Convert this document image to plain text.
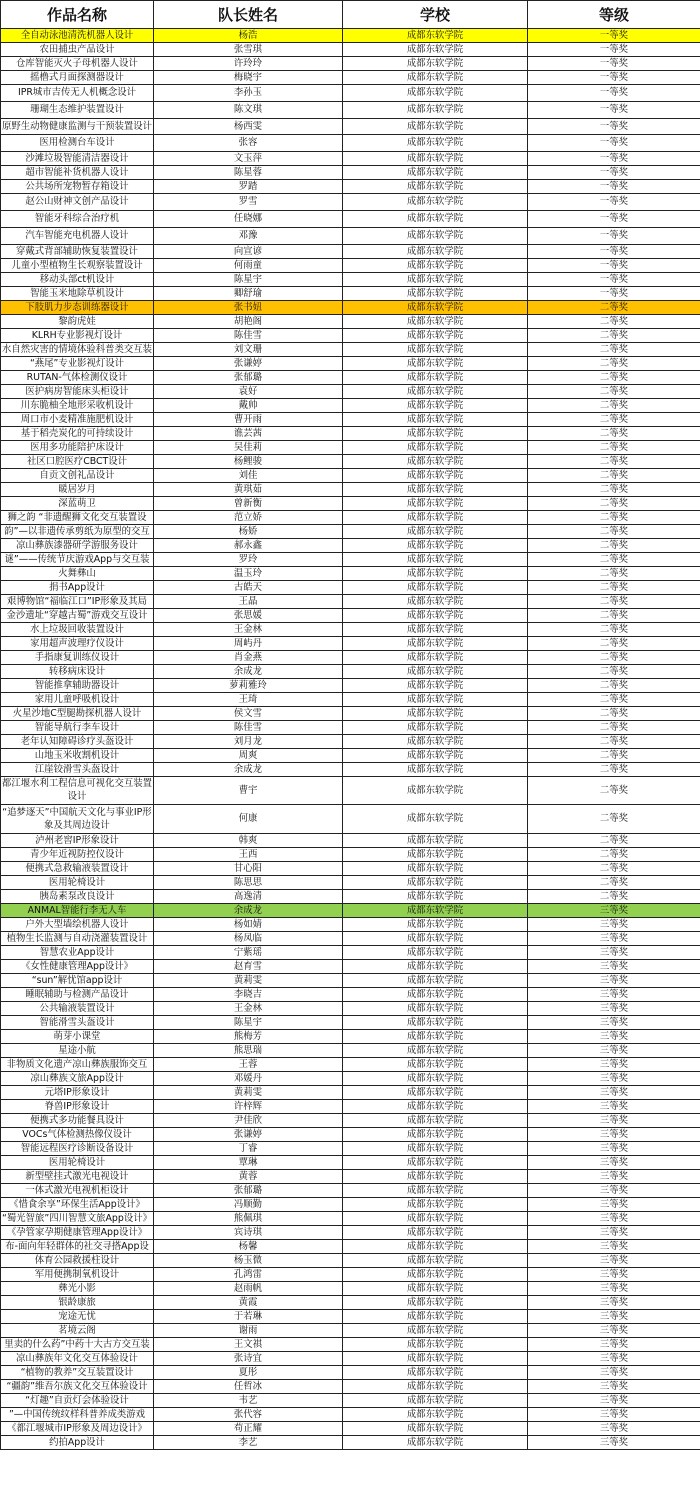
作品名称	队长姓名	学校	等级
全自动泳池清洗机器人设计	杨浩	成都东软学院	一等奖
农田捕虫产品设计	张雪琪	成都东软学院	一等奖
仓库智能灭火子母机器人设计	许玲玲	成都东软学院	一等奖
摇橹式月面探测器设计	梅晓宇	成都东软学院	一等奖
IPR城市吉传无人机概念设计	李孙玉	成都东软学院	一等奖
珊瑚生态维护装置设计	陈文琪	成都东软学院	一等奖
原野生动物健康监测与干预装置设计	杨西雯	成都东软学院	一等奖
医用检测台车设计	张容	成都东软学院	一等奖
沙滩垃圾智能清洁器设计	文玉萍	成都东软学院	一等奖
超市智能补货机器人设计	陈星蓉	成都东软学院	一等奖
公共场所宠物暂存箱设计	罗踏	成都东软学院	一等奖
赵公山财神文创产品设计	罗雪	成都东软学院	一等奖
智能牙科综合治疗机	任晓娜	成都东软学院	一等奖
汽车智能充电机器人设计	邓豫	成都东软学院	一等奖
穿戴式背部辅助恢复装置设计	向宣谚	成都东软学院	一等奖
儿童小型植物生长观察装置设计	何雨童	成都东软学院	一等奖
移动头部ct机设计	陈星宇	成都东软学院	一等奖
智能玉米地除草机设计	卿舒瑜	成都东软学院	一等奖
下肢肌力步态训练器设计	张书妞	成都东软学院	二等奖
黎韵虎娃	胡艳阁	成都东软学院	二等奖
KLRH专业影视灯设计	陈佳雪	成都东软学院	二等奖
水自然灾害的情境体验科普类交互装	刘文珊	成都东软学院	二等奖
“燕尾”专业影视灯设计	张谦婷	成都东软学院	二等奖
RUTAN-气体检测仪设计	张郁璐	成都东软学院	二等奖
医护病房智能床头柜设计	袁好	成都东软学院	二等奖
川东脆柚全地形采收机设计	戴帅	成都东软学院	二等奖
周口市小麦精准施肥机设计	曹开雨	成都东软学院	二等奖
基于稻壳炭化的可持续设计	谯芸茜	成都东软学院	二等奖
医用多功能陪护床设计	吴佳莉	成都东软学院	二等奖
社区口腔医疗CBCT设计	杨鲤骏	成都东软学院	二等奖
自贡文创礼品设计	刘佳	成都东软学院	二等奖
暖居岁月	黄琪茹	成都东软学院	二等奖
深蓝萌卫	曾新衡	成都东软学院	二等奖
狮之韵 “非遗醒狮文化交互装置设	范立娇	成都东软学院	二等奖
韵”—以非遗传承剪纸为原型的交互	杨娇	成都东软学院	二等奖
凉山彝族漆器研学游服务设计	郝永鑫	成都东软学院	二等奖
谜”——传统节庆游戏App与交互装	罗玲	成都东软学院	二等奖
火舞彝山	温玉玲	成都东软学院	二等奖
捐书App设计	古皓天	成都东软学院	二等奖
艰博物馆“福临江口”IP形象及其局	王晶	成都东软学院	二等奖
金沙遗址“穿越古蜀”游戏交互设计	张思媛	成都东软学院	二等奖
水上垃圾回收装置设计	王金林	成都东软学院	二等奖
家用超声波理疗仪设计	周屿丹	成都东软学院	二等奖
手指康复训练仪设计	肖金燕	成都东软学院	二等奖
转移病床设计	余成龙	成都东软学院	二等奖
智能推拿辅助器设计	萝莉雅玲	成都东软学院	二等奖
家用儿童呼吸机设计	王琦	成都东软学院	二等奖
火星沙地C型腿勘探机器人设计	侯文雪	成都东软学院	二等奖
智能导航行李车设计	陈佳雪	成都东软学院	二等奖
老年认知障碍诊疗头盔设计	刘月龙	成都东软学院	二等奖
山地玉米收割机设计	周爽	成都东软学院	二等奖
江崖铰滑雪头盔设计	余成龙	成都东软学院	二等奖
都江堰水利工程信息可视化交互装置设计	曹宇	成都东软学院	二等奖
“追梦逐天”中国航天文化与事业IP形象及其周边设计	何康	成都东软学院	二等奖
泸州老窖IP形象设计	韩爽	成都东软学院	二等奖
青少年近视防控仪设计	王西	成都东软学院	二等奖
便携式急救输液装置设计	甘心阳	成都东软学院	二等奖
医用轮椅设计	陈思思	成都东软学院	二等奖
胰岛素泵改良设计	高逸清	成都东软学院	二等奖
ANMAL智能行李无人车	余成龙	成都东软学院	三等奖
户外大型墙绘机器人设计	杨如婧	成都东软学院	三等奖
植物生长监测与自动浇灌装置设计	杨凤临	成都东软学院	三等奖
智慧农业App设计	宁紫瑶	成都东软学院	三等奖
《女性健康管理App设计》	赵育雪	成都东软学院	三等奖
“sun”解忧馆app设计	黄莉雯	成都东软学院	三等奖
睡眠辅助与检测产品设计	李晓吉	成都东软学院	三等奖
公共输液装置设计	王金林	成都东软学院	三等奖
智能滑雪头盔设计	陈星宇	成都东软学院	三等奖
萌芽小课堂	熊梅芳	成都东软学院	三等奖
星途小航	熊思瑞	成都东软学院	三等奖
非物质文化遗产凉山彝族服饰交互	王蓉	成都东软学院	三等奖
凉山彝族文旅App设计	邓媛丹	成都东软学院	三等奖
元塔IP形象设计	黄莉雯	成都东软学院	三等奖
脊兽IP形象设计	许梓辉	成都东软学院	三等奖
便携式多功能餐具设计	尹佳欣	成都东软学院	三等奖
VOCs气体检测热像仪设计	张谦婷	成都东软学院	三等奖
智能远程医疗诊断设备设计	丁睿	成都东软学院	三等奖
医用轮椅设计	覃琳	成都东软学院	三等奖
新型壁挂式激光电视设计	黄蓉	成都东软学院	三等奖
一体式激光电视机柜设计	张郁璐	成都东软学院	三等奖
《惜食余享”环保生活App设计》	冯顺勤	成都东软学院	三等奖
“蜀光智旅”四川智慧文旅App设计》	熊佩琪	成都东软学院	三等奖
《孕管家孕期健康管理App设计》	宾诗琪	成都东软学院	三等奖
布-面向年轻群体的社交寻搭App设	杨馨	成都东软学院	三等奖
体育公园救援柱设计	杨玉微	成都东软学院	三等奖
军用便携制氧机设计	孔鸿雷	成都东软学院	三等奖
彝光小影	赵雨帆	成都东软学院	三等奖
银龄康旅	黄霞	成都东软学院	三等奖
宠途无忧	于若琳	成都东软学院	三等奖
茗境云阁	谢雨	成都东软学院	三等奖
里卖的什么药”中药十大古方交互装	王文祺	成都东软学院	三等奖
凉山彝族年文化交互体验设计	张诗宜	成都东软学院	三等奖
“植物的教养”交互装置设计	夏彤	成都东软学院	三等奖
“疆韵”维吾尔族文化交互体验设计	任哲冰	成都东软学院	三等奖
“灯趣”自贡灯会体验设计	韦艺	成都东软学院	三等奖
”—中国传统纹样科普养成类游戏	张代容	成都东软学院	三等奖
《都江堰城市IP形象及周边设计》	苟正耀	成都东软学院	三等奖
约拍App设计	李艺	成都东软学院	三等奖
